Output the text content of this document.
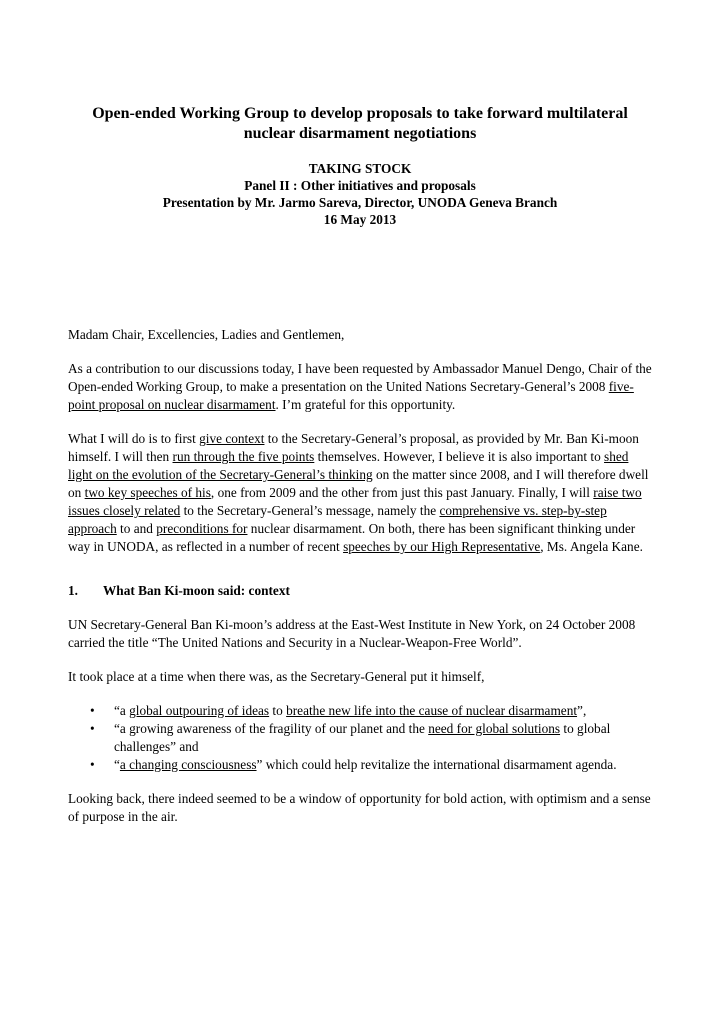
Open-ended Working Group to develop proposals to take forward multilateral
nuclear disarmament negotiations
TAKING STOCK
Panel II : Other initiatives and proposals
Presentation by Mr. Jarmo Sareva, Director, UNODA Geneva Branch
16 May 2013

Madam Chair, Excellencies, Ladies and Gentlemen,

As a contribution to our discussions today, I have been requested by Ambassador Manuel Dengo, Chair of the Open-ended Working Group, to make a presentation on the United Nations Secretary-General’s 2008 five-point proposal on nuclear disarmament. I’m grateful for this opportunity.

What I will do is to first give context to the Secretary-General’s proposal, as provided by Mr. Ban Ki-moon himself. I will then run through the five points themselves. However, I believe it is also important to shed light on the evolution of the Secretary-General’s thinking on the matter since 2008, and I will therefore dwell on two key speeches of his, one from 2009 and the other from just this past January. Finally, I will raise two issues closely related to the Secretary-General’s message, namely the comprehensive vs. step-by-step approach to and preconditions for nuclear disarmament. On both, there has been significant thinking under way in UNODA, as reflected in a number of recent speeches by our High Representative, Ms. Angela Kane.

1. What Ban Ki-moon said: context

UN Secretary-General Ban Ki-moon’s address at the East-West Institute in New York, on 24 October 2008 carried the title “The United Nations and Security in a Nuclear-Weapon-Free World”.

It took place at a time when there was, as the Secretary-General put it himself,

• “a global outpouring of ideas to breathe new life into the cause of nuclear disarmament”,
• “a growing awareness of the fragility of our planet and the need for global solutions to global challenges” and
• “a changing consciousness” which could help revitalize the international disarmament agenda.

Looking back, there indeed seemed to be a window of opportunity for bold action, with optimism and a sense of purpose in the air.
